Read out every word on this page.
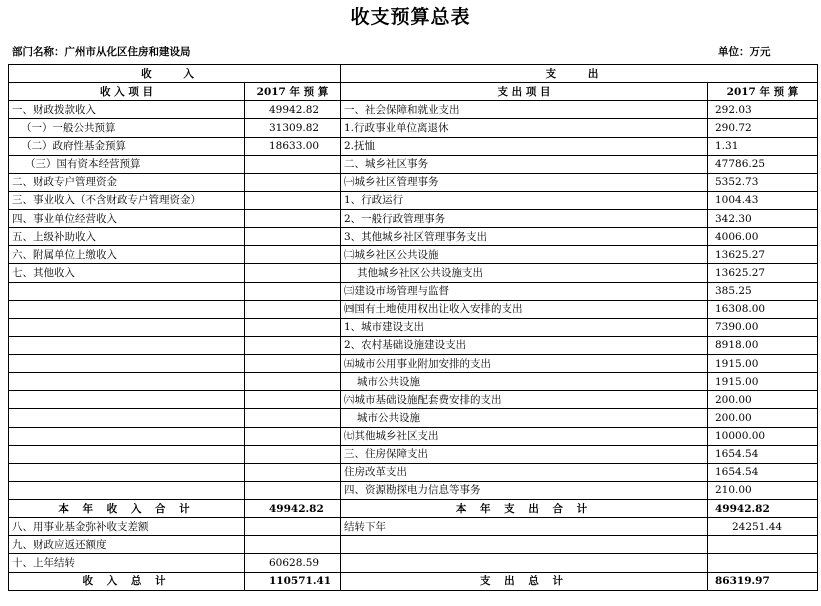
收支预算总表
部门名称：广州市从化区住房和建设局	单位：万元
收 入		支 出	
收 入 项 目	2017 年 预 算	支 出 项 目	2017 年 预 算
一、财政拨款收入	49942.82	一、社会保障和就业支出	292.03
（一）一般公共预算	31309.82	1.行政事业单位离退休	290.72
（二）政府性基金预算	18633.00	2.抚恤	1.31
（三）国有资本经营预算		二、城乡社区事务	47786.25
二、财政专户管理资金		㈠城乡社区管理事务	5352.73
三、事业收入（不含财政专户管理资金）		1、行政运行	1004.43
四、事业单位经营收入		2、一般行政管理事务	342.30
五、上级补助收入		3、其他城乡社区管理事务支出	4006.00
六、附属单位上缴收入		㈡城乡社区公共设施	13625.27
七、其他收入		其他城乡社区公共设施支出	13625.27
		㈢建设市场管理与监督	385.25
		㈣国有土地使用权出让收入安排的支出	16308.00
		1、城市建设支出	7390.00
		2、农村基础设施建设支出	8918.00
		㈤城市公用事业附加安排的支出	1915.00
		城市公共设施	1915.00
		㈥城市基础设施配套费安排的支出	200.00
		城市公共设施	200.00
		㈦其他城乡社区支出	10000.00
		三、住房保障支出	1654.54
		住房改革支出	1654.54
		四、资源勘探电力信息等事务	210.00
本 年 收 入 合 计	49942.82	本 年 支 出 合 计	49942.82
八、用事业基金弥补收支差额		结转下年	24251.44
九、财政应返还额度			
十、上年结转	60628.59		
收 入 总 计	110571.41	支 出 总 计	86319.97
